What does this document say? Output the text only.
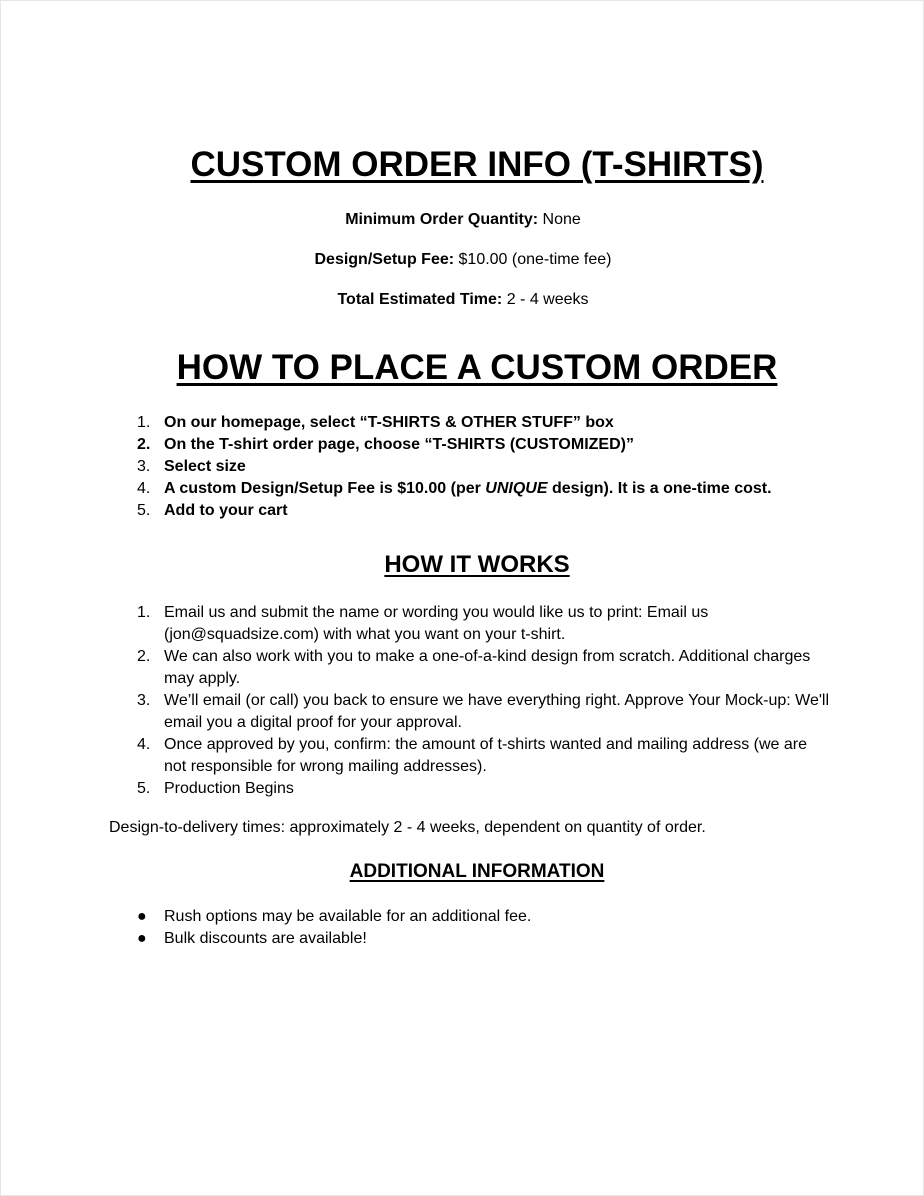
CUSTOM ORDER INFO (T-SHIRTS)

Minimum Order Quantity: None

Design/Setup Fee: $10.00 (one-time fee)

Total Estimated Time: 2 - 4 weeks

HOW TO PLACE A CUSTOM ORDER
1. On our homepage, select “T-SHIRTS & OTHER STUFF” box
2. On the T-shirt order page, choose “T-SHIRTS (CUSTOMIZED)”
3. Select size
4. A custom Design/Setup Fee is $10.00 (per UNIQUE design). It is a one-time cost.
5. Add to your cart
HOW IT WORKS
1. Email us and submit the name or wording you would like us to print: Email us (jon@squadsize.com) with what you want on your t-shirt.
2. We can also work with you to make a one-of-a-kind design from scratch. Additional charges may apply.
3. We’ll email (or call) you back to ensure we have everything right. Approve Your Mock-up: We'll email you a digital proof for your approval.
4. Once approved by you, confirm: the amount of t-shirts wanted and mailing address (we are not responsible for wrong mailing addresses).
5. Production Begins

Design-to-delivery times: approximately 2 - 4 weeks, dependent on quantity of order.

ADDITIONAL INFORMATION
● Rush options may be available for an additional fee.
● Bulk discounts are available!
